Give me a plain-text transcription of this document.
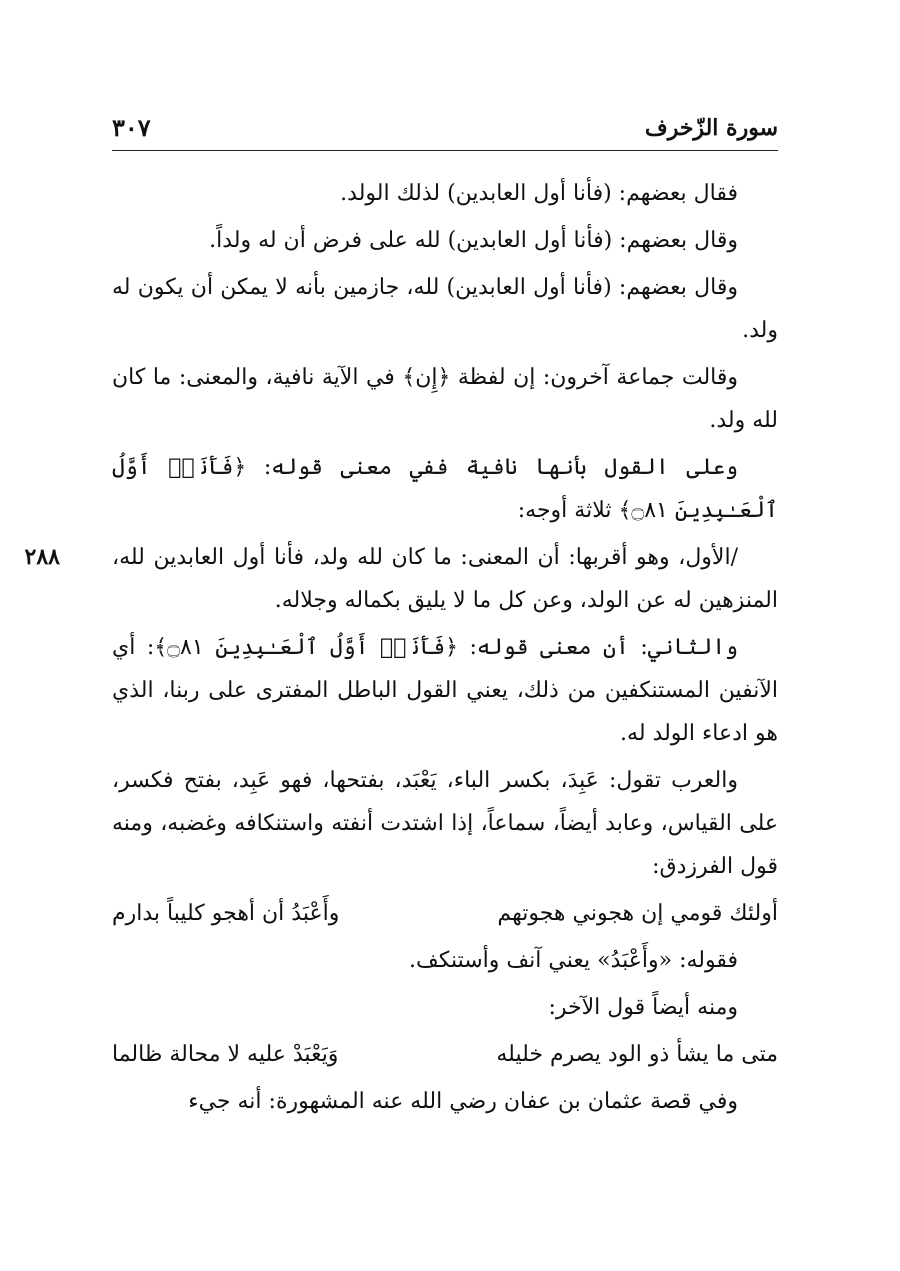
سورة الزّخرف
٣٠٧

فقال بعضهم: (فأنا أول العابدين) لذلك الولد.

وقال بعضهم: (فأنا أول العابدين) لله على فرض أن له ولداً.

وقال بعضهم: (فأنا أول العابدين) لله، جازمين بأنه لا يمكن أن يكون له ولد.

وقالت جماعة آخرون: إن لفظة ﴿إِن﴾ في الآية نافية، والمعنى: ما كان لله ولد.

وعلى القول بأنها نافية ففي معنى قوله: ﴿فَأَنَا۠ أَوَّلُ ٱلْعَـٰبِدِينَ ۝٨١﴾ ثلاثة أوجه:

٢٨٨	/الأول، وهو أقربها: أن المعنى: ما كان لله ولد، فأنا أول العابدين لله، المنزهين له عن الولد، وعن كل ما لا يليق بكماله وجلاله.

والثاني: أن معنى قوله: ﴿فَأَنَا۠ أَوَّلُ ٱلْعَـٰبِدِينَ ۝٨١﴾: أي الآنفين المستنكفين من ذلك، يعني القول الباطل المفترى على ربنا، الذي هو ادعاء الولد له.

والعرب تقول: عَبِدَ، بكسر الباء، يَعْبَد، بفتحها، فهو عَبِد، بفتح فكسر، على القياس، وعابد أيضاً، سماعاً، إذا اشتدت أنفته واستنكافه وغضبه، ومنه قول الفرزدق:

أولئك قومي إن هجوني هجوتهم
وأَعْبَدُ أن أهجو كليباً بدارم

فقوله: «وأَعْبَدُ» يعني آنف وأستنكف.

ومنه أيضاً قول الآخر:

متى ما يشأ ذو الود يصرم خليله
وَيَعْبَدْ عليه لا محالة ظالما

وفي قصة عثمان بن عفان رضي الله عنه المشهورة: أنه جيء
